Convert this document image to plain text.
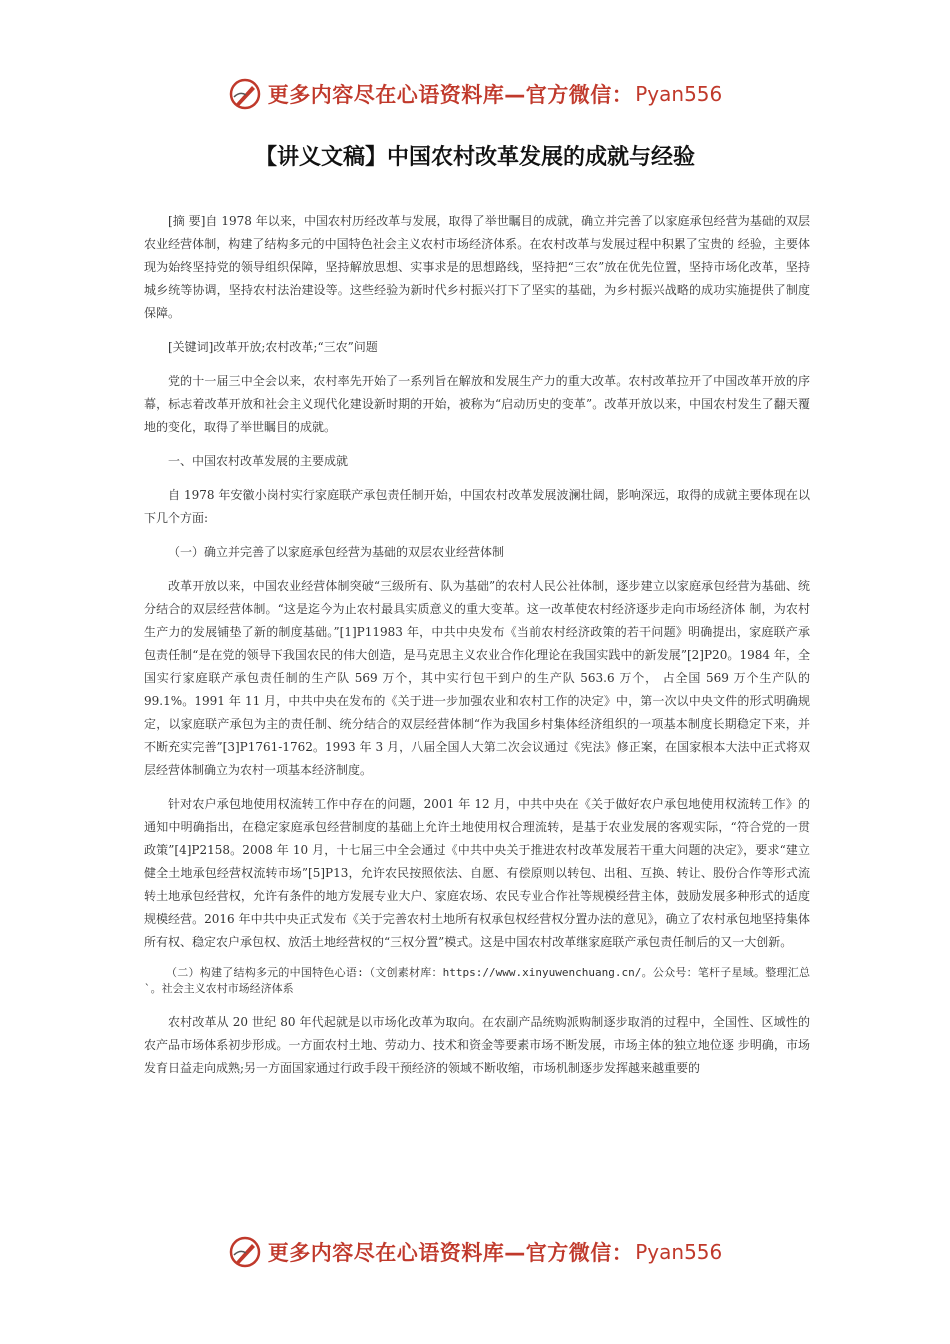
更多内容尽在心语资料库—官方微信： Pyan556
【讲义文稿】中国农村改革发展的成就与经验

[摘 要]自 1978 年以来，中国农村历经改革与发展，取得了举世瞩目的成就，确立并完善了以家庭承包经营为基础的双层农业经营体制，构建了结构多元的中国特色社会主义农村市场经济体系。在农村改革与发展过程中积累了宝贵的 经验，主要体现为始终坚持党的领导组织保障，坚持解放思想、实事求是的思想路线，坚持把“三农”放在优先位置，坚持市场化改革，坚持城乡统等协调，坚持农村法治建设等。这些经验为新时代乡村振兴打下了坚实的基础，为乡村振兴战略的成功实施提供了制度保障。

[关键词]改革开放;农村改革;“三农”问题

党的十一届三中全会以来，农村率先开始了一系列旨在解放和发展生产力的重大改革。农村改革拉开了中国改革开放的序幕，标志着改革开放和社会主义现代化建设新时期的开始，被称为“启动历史的变革”。改革开放以来，中国农村发生了翻天覆地的变化，取得了举世瞩目的成就。

一、中国农村改革发展的主要成就

自 1978 年安徽小岗村实行家庭联产承包责任制开始，中国农村改革发展波澜壮阔，影响深远，取得的成就主要体现在以下几个方面:

（一）确立并完善了以家庭承包经营为基础的双层农业经营体制

改革开放以来，中国农业经营体制突破“三级所有、队为基础”的农村人民公社体制，逐步建立以家庭承包经营为基础、统分结合的双层经营体制。“这是迄今为止农村最具实质意义的重大变革。这一改革使农村经济逐步走向市场经济体 制，为农村生产力的发展铺垫了新的制度基础。”[1]P11983 年，中共中央发布《当前农村经济政策的若干问题》明确提出，家庭联产承包责任制“是在党的领导下我国农民的伟大创造，是马克思主义农业合作化理论在我国实践中的新发展”[2]P20。1984 年，全国实行家庭联产承包责任制的生产队 569 万个，其中实行包干到户的生产队 563.6 万个， 占全国 569 万个生产队的 99.1%。1991 年 11 月，中共中央在发布的《关于进一步加强农业和农村工作的决定》中，第一次以中央文件的形式明确规定，以家庭联产承包为主的责任制、统分结合的双层经营体制“作为我国乡村集体经济组织的一项基本制度长期稳定下来，并不断充实完善”[3]P1761-1762。1993 年 3 月，八届全国人大第二次会议通过《宪法》修正案，在国家根本大法中正式将双层经营体制确立为农村一项基本经济制度。

针对农户承包地使用权流转工作中存在的问题，2001 年 12 月，中共中央在《关于做好农户承包地使用权流转工作》的通知中明确指出，在稳定家庭承包经营制度的基础上允许土地使用权合理流转，是基于农业发展的客观实际，“符合党的一贯政策”[4]P2158。2008 年 10 月，十七届三中全会通过《中共中央关于推进农村改革发展若干重大问题的决定》，要求“建立健全土地承包经营权流转市场”[5]P13，允许农民按照依法、自愿、有偿原则以转包、出租、互换、转让、股份合作等形式流转土地承包经营权，允许有条件的地方发展专业大户、家庭农场、农民专业合作社等规模经营主体，鼓励发展多种形式的适度规模经营。2016 年中共中央正式发布《关于完善农村土地所有权承包权经营权分置办法的意见》，确立了农村承包地坚持集体所有权、稳定农户承包权、放活土地经营权的“三权分置”模式。这是中国农村改革继家庭联产承包责任制后的又一大创新。

（二）构建了结构多元的中国特色心语:（文创素材库：https://www.xinyuwenchuang.cn/。公众号：笔杆子星域。整理汇总`。社会主义农村市场经济体系

农村改革从 20 世纪 80 年代起就是以市场化改革为取向。在农副产品统购派购制逐步取消的过程中，全国性、区域性的农产品市场体系初步形成。一方面农村土地、劳动力、技术和资金等要素市场不断发展，市场主体的独立地位逐 步明确，市场发育日益走向成熟;另一方面国家通过行政手段干预经济的领域不断收缩，市场机制逐步发挥越来越重要的

更多内容尽在心语资料库—官方微信： Pyan556
